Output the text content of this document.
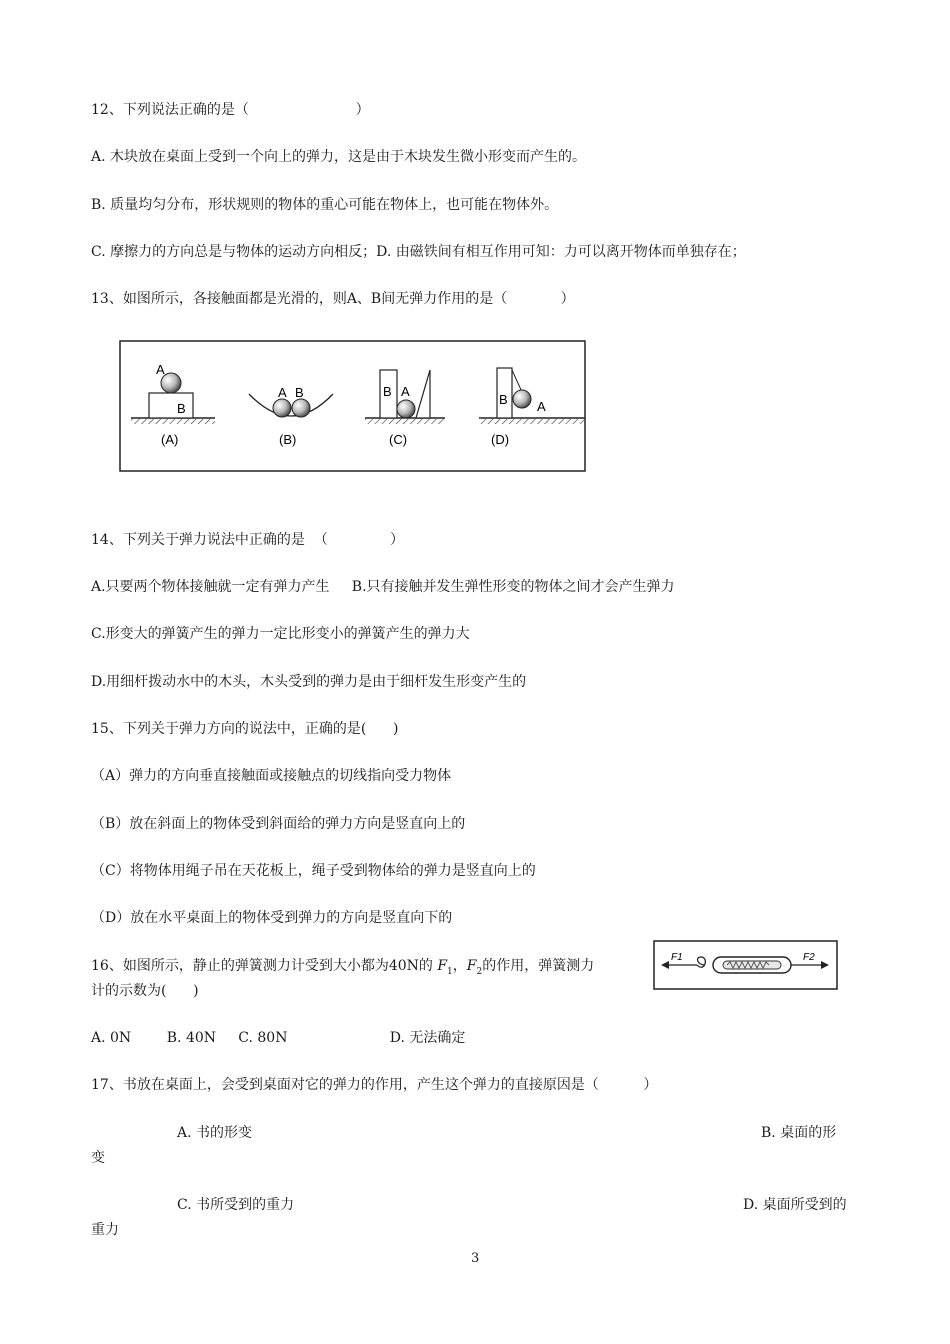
12、下列说法正确的是（                        ）
A. 木块放在桌面上受到一个向上的弹力，这是由于木块发生微小形变而产生的。
B. 质量均匀分布，形状规则的物体的重心可能在物体上，也可能在物体外。
C. 摩擦力的方向总是与物体的运动方向相反；D. 由磁铁间有相互作用可知：力可以离开物体而单独存在；
13、如图所示，各接触面都是光滑的，则A、B间无弹力作用的是（            ）
A
B
(A)
A B
(B)
B A
(C)
B A
(D)
14、下列关于弹力说法中正确的是  （              ）
A.只要两个物体接触就一定有弹力产生     B.只有接触并发生弹性形变的物体之间才会产生弹力
C.形变大的弹簧产生的弹力一定比形变小的弹簧产生的弹力大
D.用细杆拨动水中的木头，木头受到的弹力是由于细杆发生形变产生的
15、下列关于弹力方向的说法中，正确的是(      )
（A）弹力的方向垂直接触面或接触点的切线指向受力物体
（B）放在斜面上的物体受到斜面给的弹力方向是竖直向上的
（C）将物体用绳子吊在天花板上，绳子受到物体给的弹力是竖直向上的
（D）放在水平桌面上的物体受到弹力的方向是竖直向下的
16、如图所示，静止的弹簧测力计受到大小都为40N的 $F_1$，$F_2$的作用，弹簧测力
计的示数为(      )
A. 0N        B. 40N     C. 80N                       D. 无法确定
F1	F2
17、书放在桌面上，会受到桌面对它的弹力的作用，产生这个弹力的直接原因是（          ）
A. 书的形变	B. 桌面的形
变
C. 书所受到的重力	D. 桌面所受到的
重力
3
